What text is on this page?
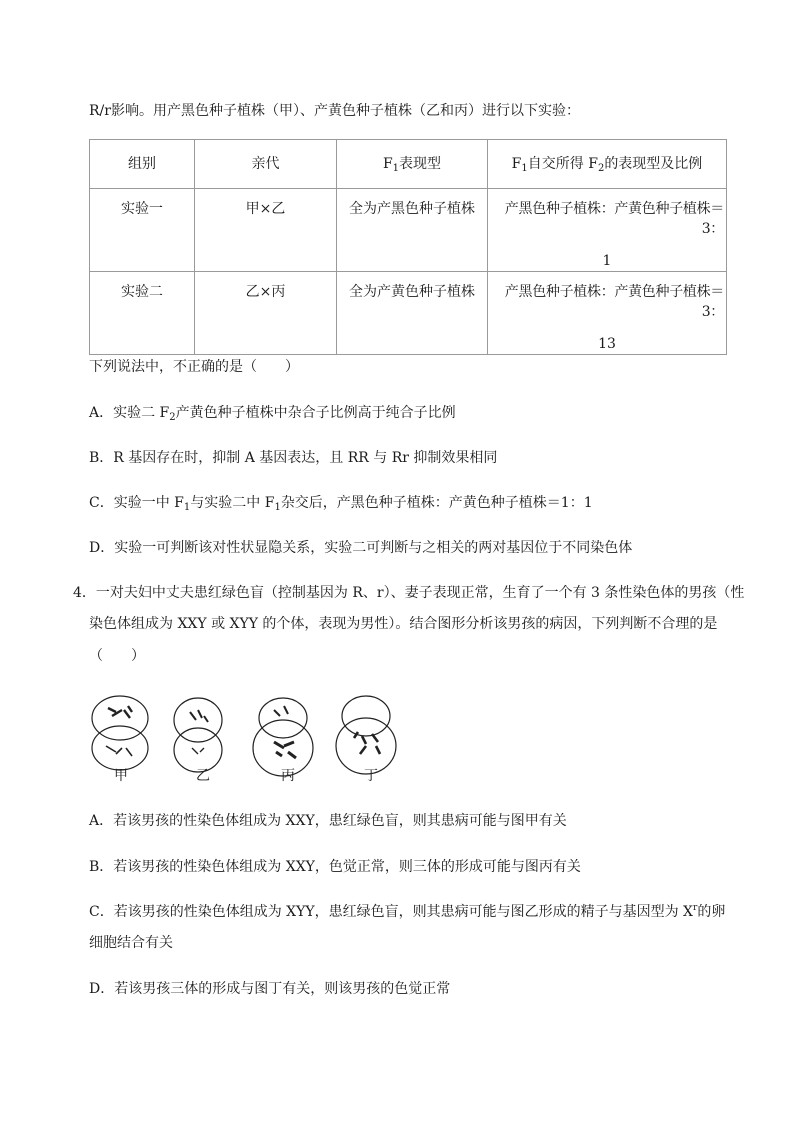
R/r影响。用产黑色种子植株（甲）、产黄色种子植株（乙和丙）进行以下实验：
组别	亲代	$F_1$表现型	$F_1$自交所得 $F_2$的表现型及比例
实验一	甲×乙	全为产黑色种子植株	产黑色种子植株：产黄色种子植株＝3：
1

实验二	乙×丙	全为产黄色种子植株	产黑色种子植株：产黄色种子植株＝3：
13
下列说法中，不正确的是（　　）
A．实验二 $F_2$产黄色种子植株中杂合子比例高于纯合子比例
B．R 基因存在时，抑制 A 基因表达，且 RR 与 Rr 抑制效果相同
C．实验一中 $F_1$与实验二中 $F_1$杂交后，产黑色种子植株：产黄色种子植株＝1：1
D．实验一可判断该对性状显隐关系，实验二可判断与之相关的两对基因位于不同染色体
4．一对夫妇中丈夫患红绿色盲（控制基因为 R、r）、妻子表现正常，生育了一个有 3 条性染色体的男孩（性
染色体组成为 XXY 或 XYY 的个体，表现为男性）。结合图形分析该男孩的病因，下列判断不合理的是
（　　）
甲	乙	丙	丁
A．若该男孩的性染色体组成为 XXY，患红绿色盲，则其患病可能与图甲有关
B．若该男孩的性染色体组成为 XXY，色觉正常，则三体的形成可能与图丙有关
C．若该男孩的性染色体组成为 XYY，患红绿色盲，则其患病可能与图乙形成的精子与基因型为 $X^r$的卵
细胞结合有关
D．若该男孩三体的形成与图丁有关，则该男孩的色觉正常
